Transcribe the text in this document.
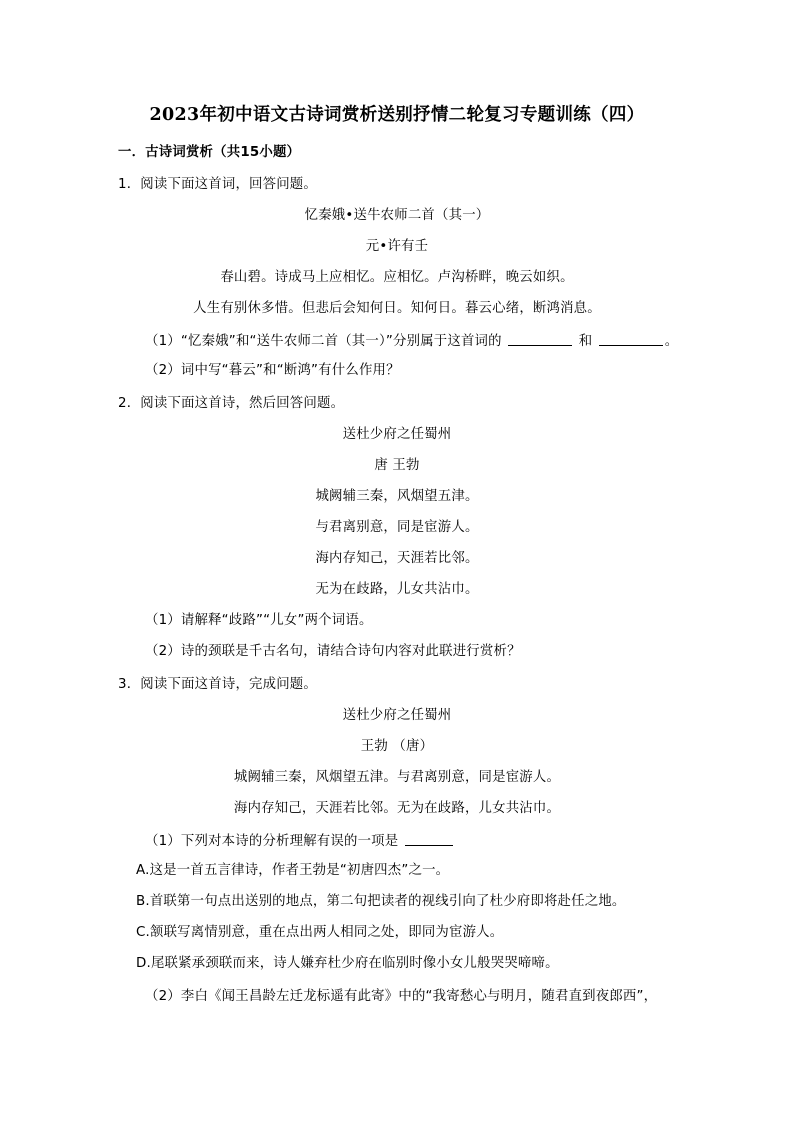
2023年初中语文古诗词赏析送别抒情二轮复习专题训练（四）
一．古诗词赏析（共15小题）
1．阅读下面这首词，回答问题。
忆秦娥•送牛农师二首（其一）
元•许有壬
春山碧。诗成马上应相忆。应相忆。卢沟桥畔，晚云如织。
人生有别休多惜。但悲后会知何日。知何日。暮云心绪，断鸿消息。
（1）“忆秦娥”和“送牛农师二首（其一）”分别属于这首词的	和	。
（2）词中写“暮云”和“断鸿”有什么作用？
2．阅读下面这首诗，然后回答问题。
送杜少府之任蜀州
唐 王勃
城阙辅三秦，风烟望五津。
与君离别意，同是宦游人。
海内存知己，天涯若比邻。
无为在歧路，儿女共沾巾。
（1）请解释“歧路”“儿女”两个词语。
（2）诗的颈联是千古名句，请结合诗句内容对此联进行赏析？
3．阅读下面这首诗，完成问题。
送杜少府之任蜀州
王勃 （唐）
城阙辅三秦，风烟望五津。与君离别意，同是宦游人。
海内存知己，天涯若比邻。无为在歧路，儿女共沾巾。
（1）下列对本诗的分析理解有误的一项是
A.这是一首五言律诗，作者王勃是“初唐四杰”之一。
B.首联第一句点出送别的地点，第二句把读者的视线引向了杜少府即将赴任之地。
C.颔联写离情别意，重在点出两人相同之处，即同为宦游人。
D.尾联紧承颈联而来，诗人嫌弃杜少府在临别时像小女儿般哭哭啼啼。
（2）李白《闻王昌龄左迁龙标遥有此寄》中的“我寄愁心与明月，随君直到夜郎西”，
